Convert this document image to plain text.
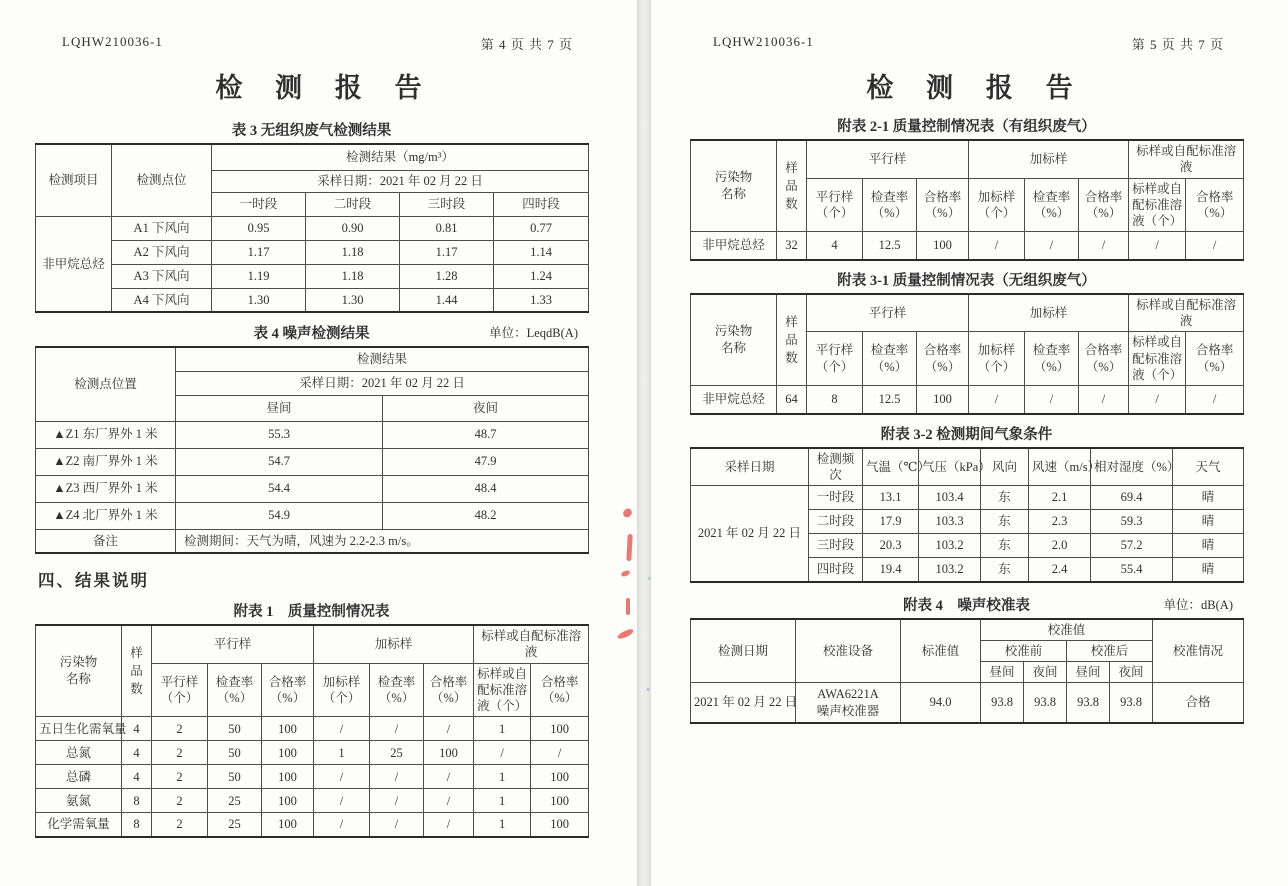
LQHW210036-1	第 4 页 共 7 页
检 测 报 告
表 3 无组织废气检测结果
检测项目	检测点位	检测结果（mg/m³）			
		采样日期：2021 年 02 月 22 日			
		一时段	二时段	三时段	四时段
非甲烷总烃	A1 下风向	0.95	0.90	0.81	0.77
	A2 下风向	1.17	1.18	1.17	1.14
	A3 下风向	1.19	1.18	1.28	1.24
	A4 下风向	1.30	1.30	1.44	1.33
表 4 噪声检测结果	单位：LeqdB(A)
检测点位置	检测结果	
	采样日期：2021 年 02 月 22 日	
	昼间	夜间
▲Z1 东厂界外 1 米	55.3	48.7
▲Z2 南厂界外 1 米	54.7	47.9
▲Z3 西厂界外 1 米	54.4	48.4
▲Z4 北厂界外 1 米	54.9	48.2
备注	检测期间：天气为晴，风速为 2.2-2.3 m/s。	
四、结果说明
附表 1　质量控制情况表
污染物名称	样品数	平行样			加标样			标样或自配标准溶液	
		平行样（个）	检查率（%）	合格率（%）	加标样（个）	检查率（%）	合格率（%）	标样或自配标准溶液（个）	合格率（%）
五日生化需氧量	4	2	50	100	/	/	/	1	100
总氮	4	2	50	100	1	25	100	/	/
总磷	4	2	50	100	/	/	/	1	100
氨氮	8	2	25	100	/	/	/	1	100
化学需氧量	8	2	25	100	/	/	/	1	100
LQHW210036-1	第 5 页 共 7 页
检 测 报 告
附表 2-1 质量控制情况表（有组织废气）
污染物名称	样品数	平行样			加标样			标样或自配标准溶液	
		平行样（个）	检查率（%）	合格率（%）	加标样（个）	检查率（%）	合格率（%）	标样或自配标准溶液（个）	合格率（%）
非甲烷总烃	32	4	12.5	100	/	/	/	/	/
附表 3-1 质量控制情况表（无组织废气）
污染物名称	样品数	平行样			加标样			标样或自配标准溶液	
		平行样（个）	检查率（%）	合格率（%）	加标样（个）	检查率（%）	合格率（%）	标样或自配标准溶液（个）	合格率（%）
非甲烷总烃	64	8	12.5	100	/	/	/	/	/
附表 3-2 检测期间气象条件
采样日期	检测频次	气温（℃）	气压（kPa）	风向	风速（m/s）	相对湿度（%）	天气
2021 年 02 月 22 日	一时段	13.1	103.4	东	2.1	69.4	晴
	二时段	17.9	103.3	东	2.3	59.3	晴
	三时段	20.3	103.2	东	2.0	57.2	晴
	四时段	19.4	103.2	东	2.4	55.4	晴
附表 4　噪声校准表	单位：dB(A)
检测日期	校准设备	标准值	校准值				校准情况
			校准前		校准后		
			昼间	夜间	昼间	夜间	
2021 年 02 月 22 日	AWA6221A
噪声校准器	94.0	93.8	93.8	93.8	93.8	合格
